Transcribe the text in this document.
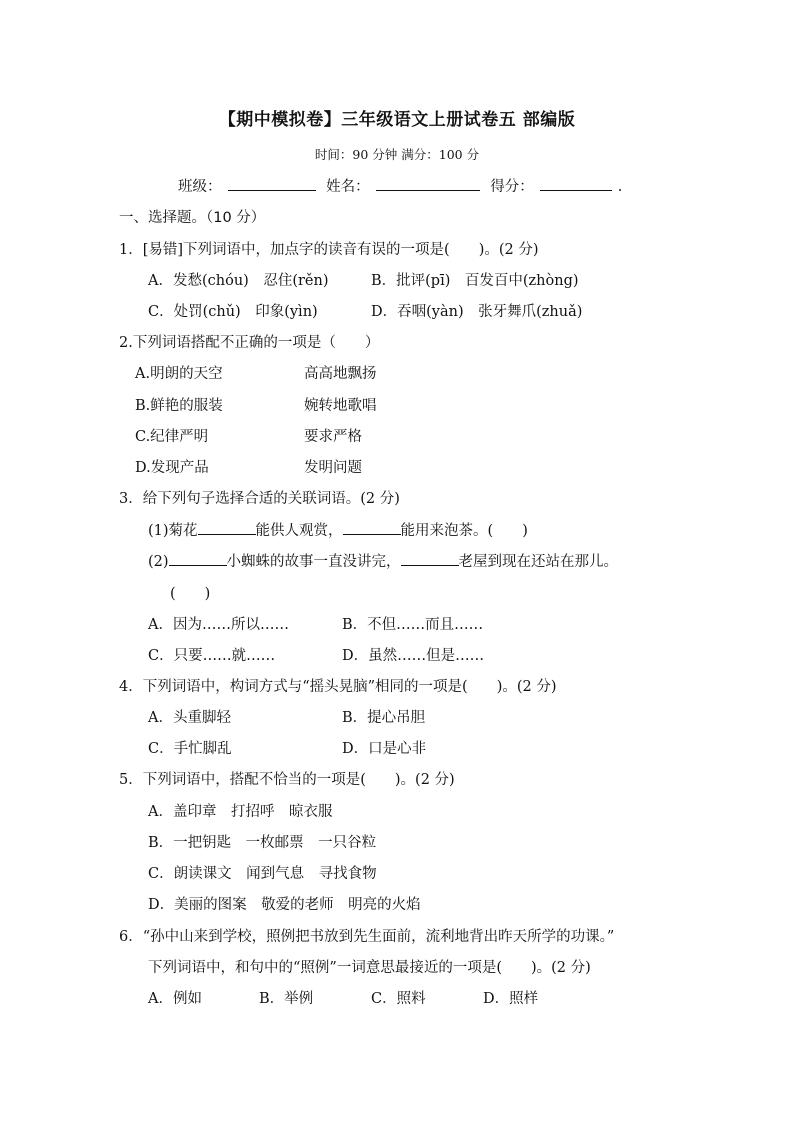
【期中模拟卷】三年级语文上册试卷五 部编版
时间：90 分钟 满分：100 分
班级：	姓名：	得分：	.
一、选择题。（10 分）
1．[易错]下列词语中，加点字的读音有误的一项是(　　)。(2 分)
A．发愁(chóu)　忍住(rěn)	B．批评(pī)　百发百中(zhòng)
C．处罚(chǔ)　印象(yìn)	D．吞咽(yàn)　张牙舞爪(zhuǎ)
2.下列词语搭配不正确的一项是（　　）
A.明朗的天空	高高地飘扬
B.鲜艳的服装	婉转地歌唱
C.纪律严明	要求严格
D.发现产品	发明问题
3．给下列句子选择合适的关联词语。(2 分)
(1)菊花	能供人观赏，	能用来泡茶。(　　)
(2)	小蜘蛛的故事一直没讲完，	老屋到现在还站在那儿。
(　　)
A．因为……所以……	B．不但……而且……
C．只要……就……	D．虽然……但是……
4．下列词语中，构词方式与“摇头晃脑”相同的一项是(　　)。(2 分)
A．头重脚轻	B．提心吊胆
C．手忙脚乱	D．口是心非
5．下列词语中，搭配不恰当的一项是(　　)。(2 分)
A．盖印章　打招呼　晾衣服
B．一把钥匙　一枚邮票　一只谷粒
C．朗读课文　闻到气息　寻找食物
D．美丽的图案　敬爱的老师　明亮的火焰
6．“孙中山来到学校，照例把书放到先生面前，流利地背出昨天所学的功课。”
下列词语中，和句中的“照例”一词意思最接近的一项是(　　)。(2 分)
A．例如	B．举例	C．照料	D．照样
